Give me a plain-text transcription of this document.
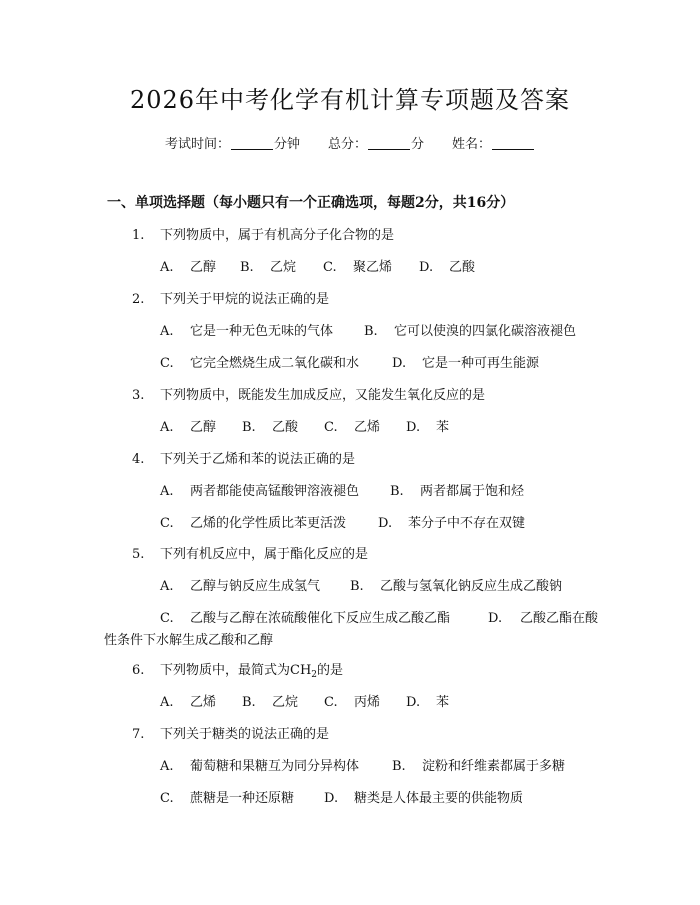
2026年中考化学有机计算专项题及答案
考试时间：	分钟 总分：	分 姓名：
一、单项选择题（每小题只有一个正确选项，每题2分，共16分）
1. 下列物质中，属于有机高分子化合物的是
A. 乙醇 B. 乙烷 C. 聚乙烯 D. 乙酸
2. 下列关于甲烷的说法正确的是
A. 它是一种无色无味的气体 B. 它可以使溴的四氯化碳溶液褪色
C. 它完全燃烧生成二氧化碳和水	D. 它是一种可再生能源
3. 下列物质中，既能发生加成反应，又能发生氧化反应的是
A. 乙醇 B. 乙酸 C. 乙烯 D. 苯
4. 下列关于乙烯和苯的说法正确的是
A. 两者都能使高锰酸钾溶液褪色 B. 两者都属于饱和烃
C. 乙烯的化学性质比苯更活泼 D. 苯分子中不存在双键
5. 下列有机反应中，属于酯化反应的是
A. 乙醇与钠反应生成氢气 B. 乙酸与氢氧化钠反应生成乙酸钠
C. 乙酸与乙醇在浓硫酸催化下反应生成乙酸乙酯	D.
性条件下水解生成乙酸和乙醇
乙酸乙酯在酸
6. 下列物质中，最简式为$CH_2$的是
A. 乙烯 B. 乙烷 C. 丙烯 D. 苯
7. 下列关于糖类的说法正确的是
A. 葡萄糖和果糖互为同分异构体	B. 淀粉和纤维素都属于多糖
C. 蔗糖是一种还原糖 D. 糖类是人体最主要的供能物质
